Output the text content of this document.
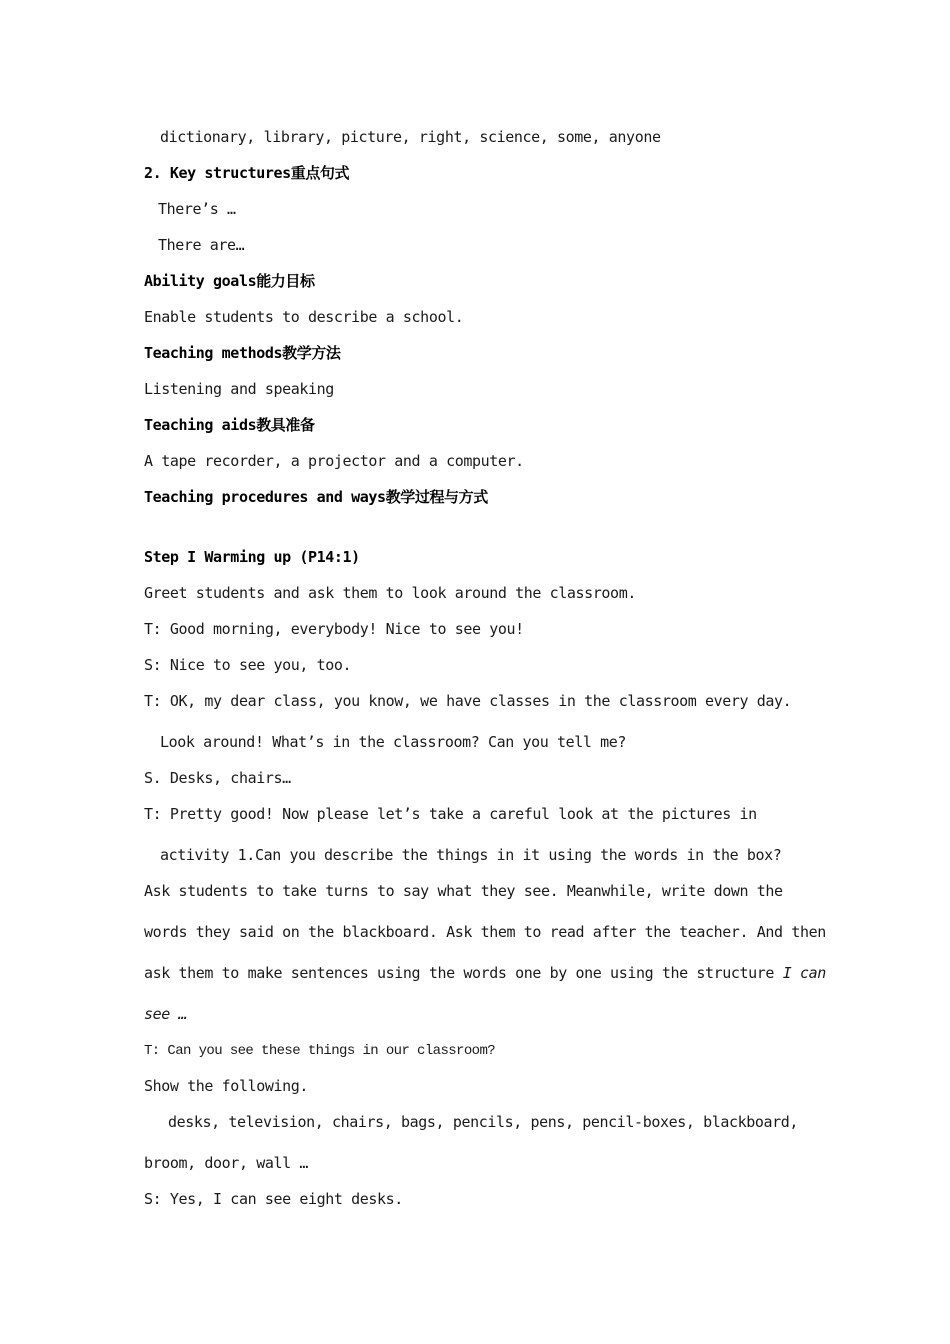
dictionary, library, picture, right, science, some, anyone
2. Key structures重点句式
There’s …
There are…
Ability goals能力目标
Enable students to describe a school.
Teaching methods教学方法
Listening and speaking
Teaching aids教具准备
A tape recorder, a projector and a computer.
Teaching procedures and ways教学过程与方式
Step I Warming up (P14:1)
Greet students and ask them to look around the classroom.
T: Good morning, everybody! Nice to see you!
S: Nice to see you, too.
T: OK, my dear class, you know, we have classes in the classroom every day.
Look around! What’s in the classroom? Can you tell me?
S. Desks, chairs…
T: Pretty good! Now please let’s take a careful look at the pictures in
activity 1.Can you describe the things in it using the words in the box?
Ask students to take turns to say what they see. Meanwhile, write down the
words they said on the blackboard. Ask them to read after the teacher. And then
ask them to make sentences using the words one by one using the structure I can
see …
T: Can you see these things in our classroom?
Show the following.
desks, television, chairs, bags, pencils, pens, pencil-boxes, blackboard,
broom, door, wall …
S: Yes, I can see eight desks.
